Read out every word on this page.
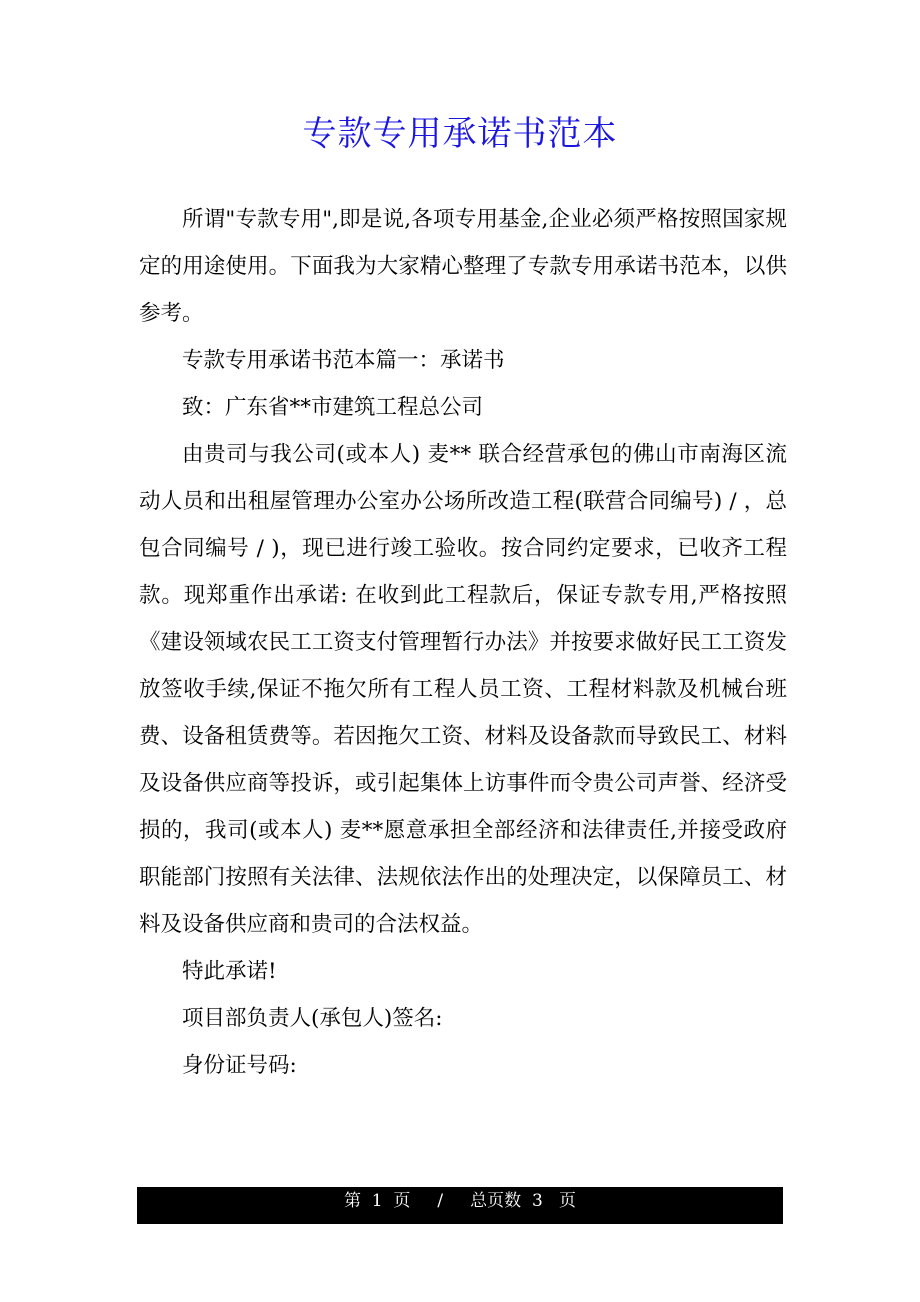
专款专用承诺书范本

所谓"专款专用",即是说,各项专用基金,企业必须严格按照国家规定的用途使用。下面我为大家精心整理了专款专用承诺书范本，以供参考。

专款专用承诺书范本篇一：承诺书

致：广东省**市建筑工程总公司

由贵司与我公司(或本人) 麦** 联合经营承包的佛山市南海区流动人员和出租屋管理办公室办公场所改造工程(联营合同编号) / ，总包合同编号 / )，现已进行竣工验收。按合同约定要求，已收齐工程款。现郑重作出承诺: 在收到此工程款后，保证专款专用,严格按照《建设领域农民工工资支付管理暂行办法》并按要求做好民工工资发放签收手续,保证不拖欠所有工程人员工资、工程材料款及机械台班费、设备租赁费等。若因拖欠工资、材料及设备款而导致民工、材料及设备供应商等投诉，或引起集体上访事件而令贵公司声誉、经济受损的，我司(或本人) 麦**愿意承担全部经济和法律责任,并接受政府职能部门按照有关法律、法规依法作出的处理决定，以保障员工、材料及设备供应商和贵司的合法权益。

特此承诺!

项目部负责人(承包人)签名:

身份证号码:

第  1  页     /     总页数  3   页
